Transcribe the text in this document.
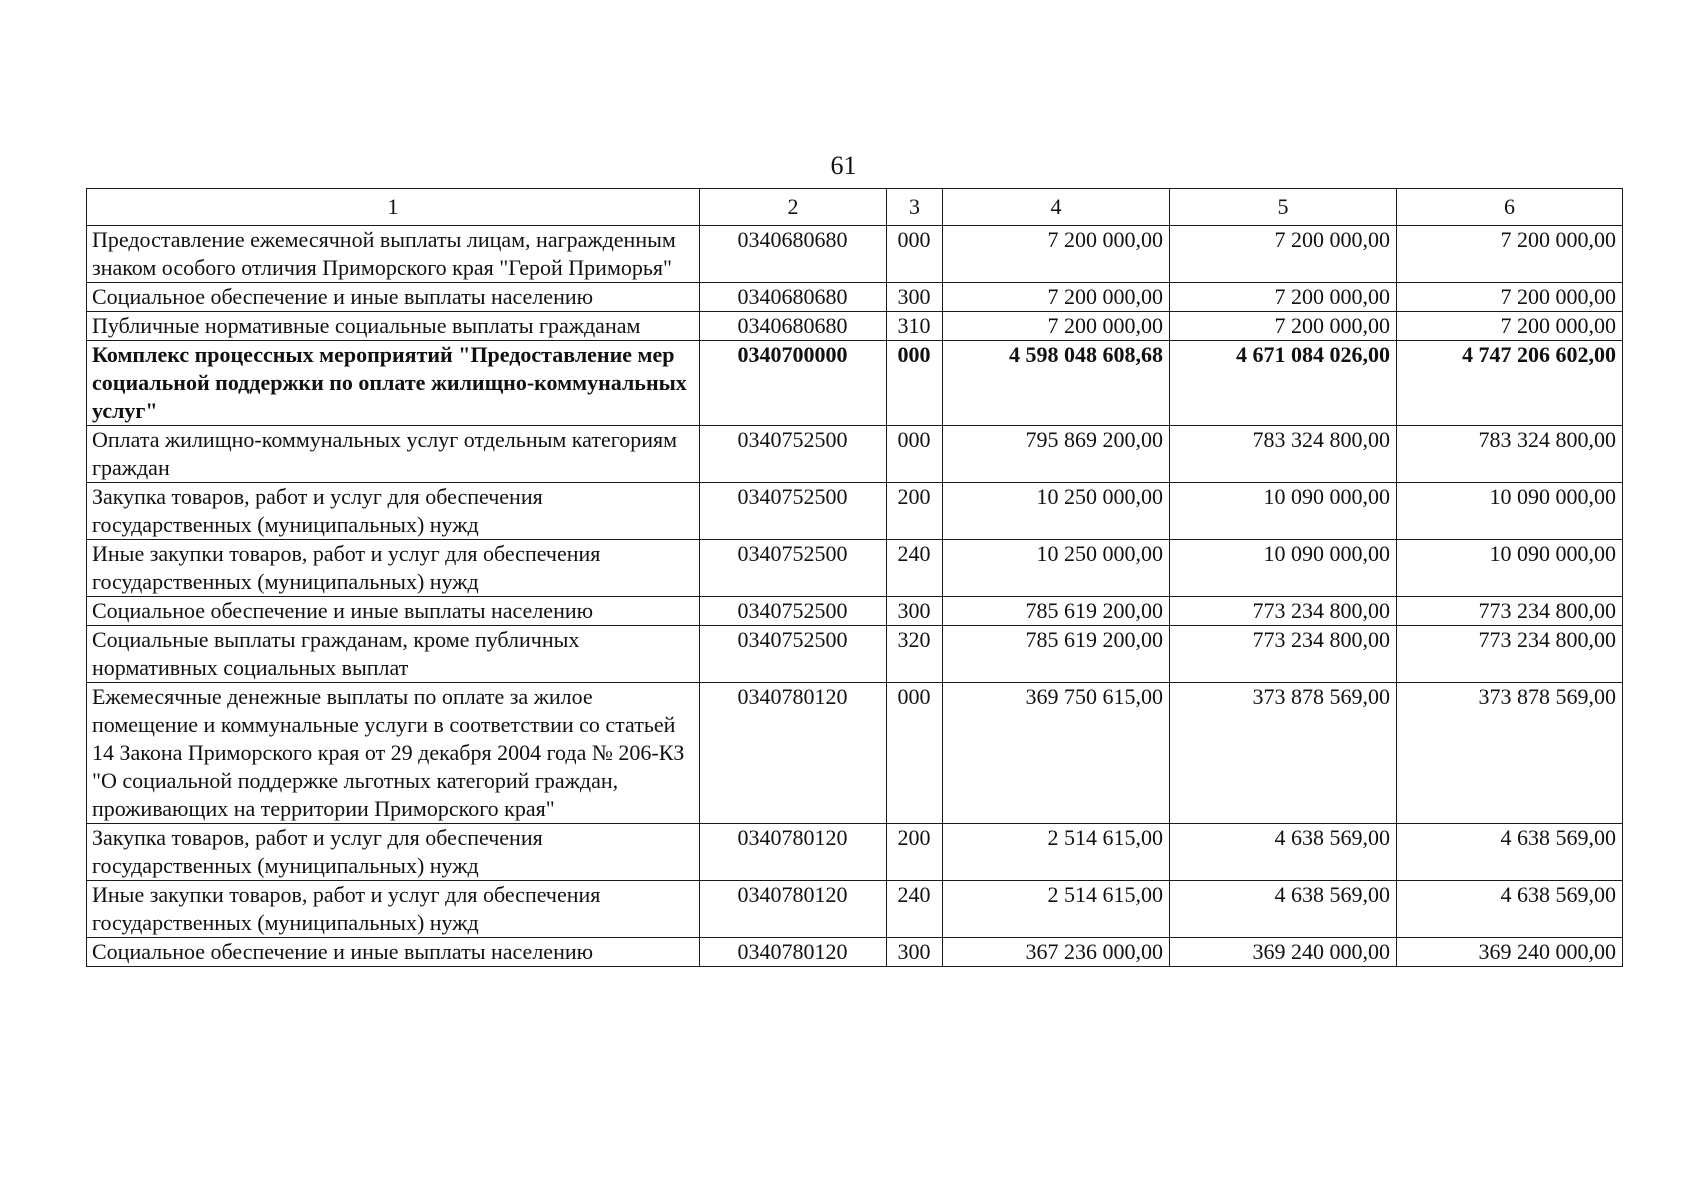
61
1	2	3	4	5	6
Предоставление ежемесячной выплаты лицам, награжденным знаком особого отличия Приморского края "Герой Приморья"	0340680680	000	7 200 000,00	7 200 000,00	7 200 000,00
Социальное обеспечение и иные выплаты населению	0340680680	300	7 200 000,00	7 200 000,00	7 200 000,00
Публичные нормативные социальные выплаты гражданам	0340680680	310	7 200 000,00	7 200 000,00	7 200 000,00
Комплекс процессных мероприятий "Предоставление мер социальной поддержки по оплате жилищно-коммунальных услуг"	0340700000	000	4 598 048 608,68	4 671 084 026,00	4 747 206 602,00
Оплата жилищно-коммунальных услуг отдельным категориям граждан	0340752500	000	795 869 200,00	783 324 800,00	783 324 800,00
Закупка товаров, работ и услуг для обеспечения государственных (муниципальных) нужд	0340752500	200	10 250 000,00	10 090 000,00	10 090 000,00
Иные закупки товаров, работ и услуг для обеспечения государственных (муниципальных) нужд	0340752500	240	10 250 000,00	10 090 000,00	10 090 000,00
Социальное обеспечение и иные выплаты населению	0340752500	300	785 619 200,00	773 234 800,00	773 234 800,00
Социальные выплаты гражданам, кроме публичных нормативных социальных выплат	0340752500	320	785 619 200,00	773 234 800,00	773 234 800,00
Ежемесячные денежные выплаты по оплате за жилое помещение и коммунальные услуги в соответствии со статьей 14 Закона Приморского края от 29 декабря 2004 года № 206-КЗ "О социальной поддержке льготных категорий граждан, проживающих на территории Приморского края"	0340780120	000	369 750 615,00	373 878 569,00	373 878 569,00
Закупка товаров, работ и услуг для обеспечения государственных (муниципальных) нужд	0340780120	200	2 514 615,00	4 638 569,00	4 638 569,00
Иные закупки товаров, работ и услуг для обеспечения государственных (муниципальных) нужд	0340780120	240	2 514 615,00	4 638 569,00	4 638 569,00
Социальное обеспечение и иные выплаты населению	0340780120	300	367 236 000,00	369 240 000,00	369 240 000,00
